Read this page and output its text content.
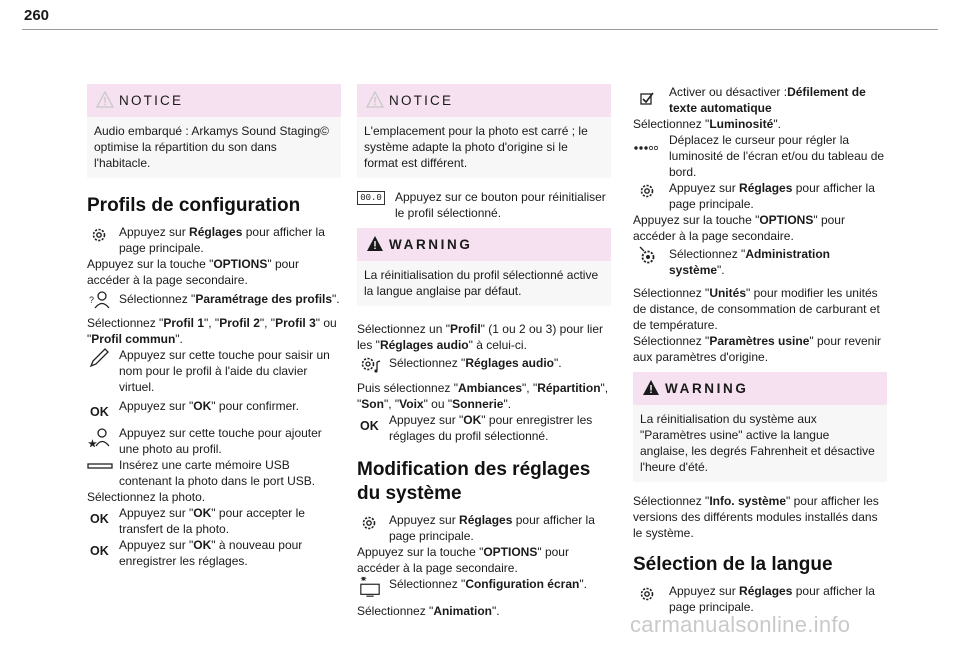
260
NOTICE
Audio embarqué : Arkamys Sound Staging© optimise la répartition du son dans l'habitacle.
Profils de configuration

Appuyez sur Réglages pour afficher la page principale.

Appuyez sur la touche "OPTIONS" pour accéder à la page secondaire.

? Sélectionnez "Paramétrage des profils".

Sélectionnez "Profil 1", "Profil 2", "Profil 3" ou "Profil commun".

Appuyez sur cette touche pour saisir un nom pour le profil à l'aide du clavier virtuel.

OK Appuyez sur "OK" pour confirmer.

★

Appuyez sur cette touche pour ajouter une photo au profil.

Insérez une carte mémoire USB contenant la photo dans le port USB.

Sélectionnez la photo.

OK Appuyez sur "OK" pour accepter le transfert de la photo.

OK Appuyez sur "OK" à nouveau pour enregistrer les réglages.

NOTICE
L'emplacement pour la photo est carré ; le système adapte la photo d'origine si le format est différent.
00.0 Appuyez sur ce bouton pour réinitialiser le profil sélectionné.

WARNING
La réinitialisation du profil sélectionné active la langue anglaise par défaut.

Sélectionnez un "Profil" (1 ou 2 ou 3) pour lier les "Réglages audio" à celui-ci.

Sélectionnez "Réglages audio".

Puis sélectionnez "Ambiances", "Répartition", "Son", "Voix" ou "Sonnerie".

OK Appuyez sur "OK" pour enregistrer les réglages du profil sélectionné.

Modification des réglages du système

Appuyez sur Réglages pour afficher la page principale.

Appuyez sur la touche "OPTIONS" pour accéder à la page secondaire.

Sélectionnez "Configuration écran".

Sélectionnez "Animation".

Activer ou désactiver :Défilement de texte automatique

Sélectionnez "Luminosité".

Déplacez le curseur pour régler la luminosité de l'écran et/ou du tableau de bord.

Appuyez sur Réglages pour afficher la page principale.

Appuyez sur la touche "OPTIONS" pour accéder à la page secondaire.

Sélectionnez "Administration système".

Sélectionnez "Unités" pour modifier les unités de distance, de consommation de carburant et de température.

Sélectionnez "Paramètres usine" pour revenir aux paramètres d'origine.

WARNING
La réinitialisation du système aux "Paramètres usine" active la langue anglaise, les degrés Fahrenheit et désactive l'heure d'été.

Sélectionnez "Info. système" pour afficher les versions des différents modules installés dans le système.

Sélection de la langue

Appuyez sur Réglages pour afficher la page principale.

carmanualsonline.info
